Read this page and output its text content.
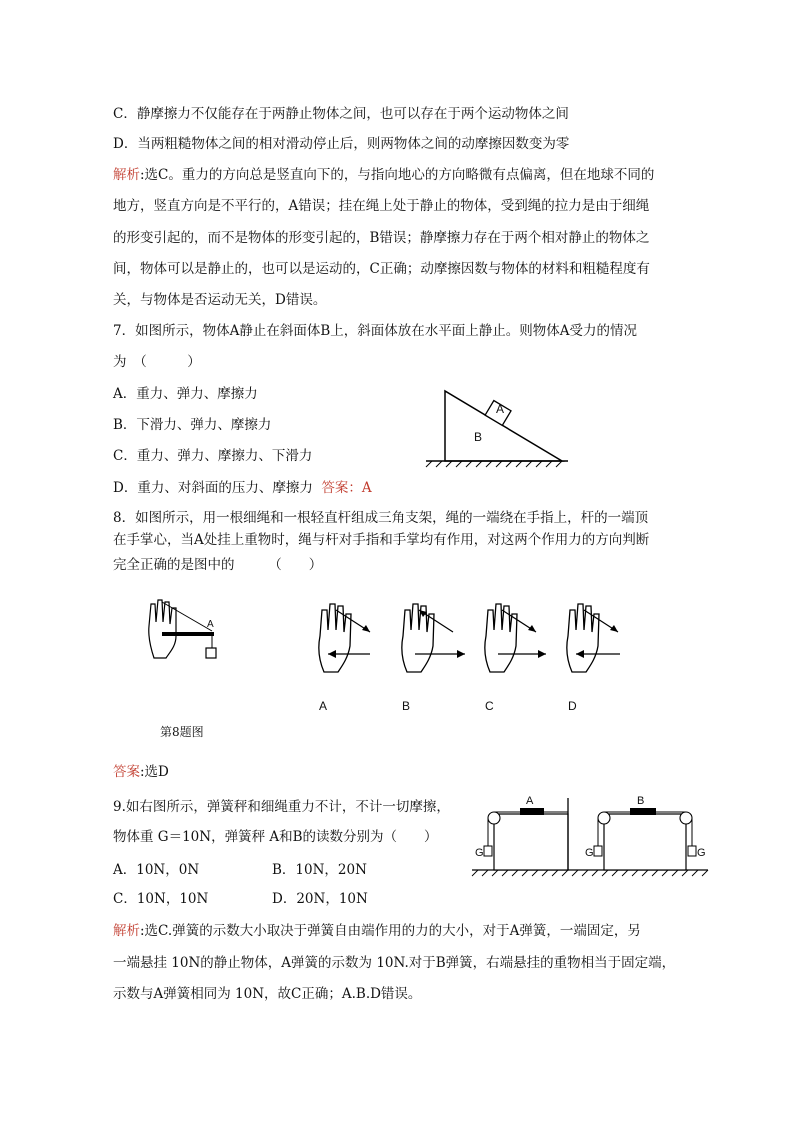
C．静摩擦力不仅能存在于两静止物体之间，也可以存在于两个运动物体之间
D．当两粗糙物体之间的相对滑动停止后，则两物体之间的动摩擦因数变为零
解析:选C。重力的方向总是竖直向下的，与指向地心的方向略微有点偏离，但在地球不同的
地方，竖直方向是不平行的，A错误；挂在绳上处于静止的物体，受到绳的拉力是由于细绳
的形变引起的，而不是物体的形变引起的，B错误；静摩擦力存在于两个相对静止的物体之
间，物体可以是静止的，也可以是运动的，C正确；动摩擦因数与物体的材料和粗糙程度有
关，与物体是否运动无关，D错误。
7．如图所示，物体A静止在斜面体B上，斜面体放在水平面上静止。则物体A受力的情况
为　（　　　）
A．重力、弹力、摩擦力
B．下滑力、弹力、摩擦力
C．重力、弹力、摩擦力、下滑力
D．重力、对斜面的压力、摩擦力 答案：A
A
B
8．如图所示，用一根细绳和一根轻直杆组成三角支架，绳的一端绕在手指上，杆的一端顶
在手掌心，当A处挂上重物时，绳与杆对手指和手掌均有作用，对这两个作用力的方向判断
完全正确的是图中的　　　（　　）
A
A	B	C	D
第8题图
答案:选D
9.如右图所示，弹簧秤和细绳重力不计，不计一切摩擦，
物体重 G＝10N，弹簧秤 A和B的读数分别为（　　）
A．10N，0N	B．10N，20N
C．10N，10N	D．20N，10N
A	B
G	G	G
解析:选C.弹簧的示数大小取决于弹簧自由端作用的力的大小，对于A弹簧，一端固定，另
一端悬挂 10N的静止物体，A弹簧的示数为 10N.对于B弹簧，右端悬挂的重物相当于固定端，
示数与A弹簧相同为 10N，故C正确；A.B.D错误。
